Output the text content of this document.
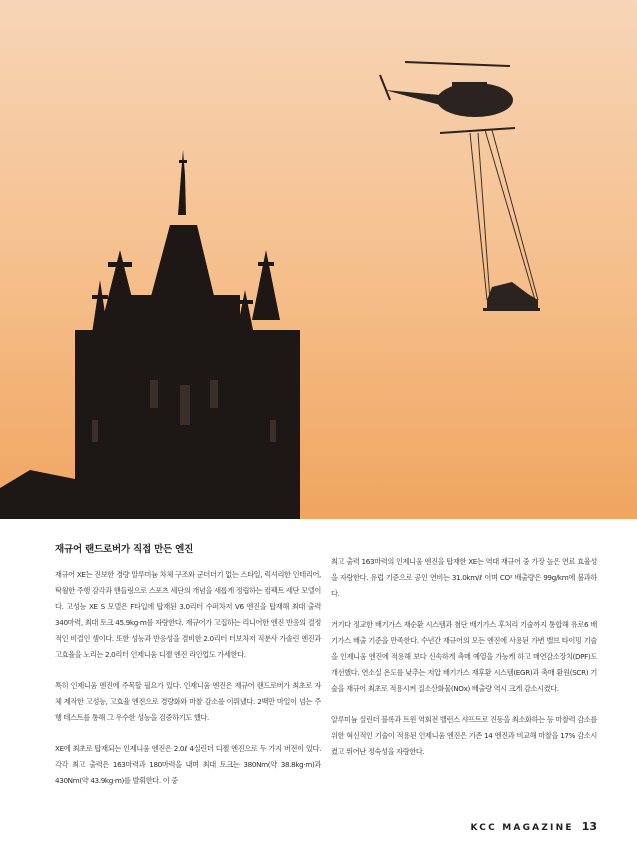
재규어 랜드로버가 직접 만든 엔진

재규어 XE는 진보한 경량 알루미늄 차체 구조와 군더더기 없는 스타일, 럭셔리한 인테리어, 탁월한 주행 감각과 핸들링으로 스포츠 세단의 개념을 새롭게 정립하는 컴팩트 세단 모델이다. 고성능 XE S 모델은 F타입에 탑재된 3.0리터 수퍼차저 V6 엔진을 탑재해 최대 출력 340마력, 최대 토크 45.9kg·m를 자랑한다. 재규어가 고집하는 리니어한 엔진 반응의 결정적인 비결인 셈이다. 또한 성능과 반응성을 겸비한 2.0리터 터보차저 직분사 가솔린 엔진과 고효율을 노리는 2.0리터 인제니움 디젤 엔진 라인업도 가세한다.

특히 인제니움 엔진에 주목할 필요가 있다. 인제니움 엔진은 재규어 랜드로버가 최초로 자체 제작한 고성능, 고효율 엔진으로 경량화와 마찰 감소를 이뤄냈다. 2백만 마일이 넘는 주행 테스트를 통해 그 우수한 성능을 검증하기도 했다.

XE에 최초로 탑재되는 인제니움 엔진은 2.0ℓ 4실린더 디젤 엔진으로 두 가지 버전이 있다. 각각 최고 출력은 163마력과 180마력을 내며 최대 토크는 380Nm(약 38.8kg·m)과 430Nm(약 43.9kg·m)를 발휘한다. 이 중

최고 출력 163마력의 인제니움 엔진을 탑재한 XE는 역대 재규어 중 가장 높은 연료 효율성을 자랑한다. 유럽 기준으로 공인 연비는 31.0km/ℓ 이며 CO² 배출량은 99g/km에 불과하다.

거기다 정교한 배기가스 재순환 시스템과 첨단 배기가스 후처리 기술까지 통합해 유로6 배기가스 배출 기준을 만족한다. 수년간 재규어의 모든 엔진에 사용된 가변 밸브 타이밍 기술을 인제니움 엔진에 적용해 보다 신속하게 촉매 예열을 가능케 하고 매연감소장치(DPF)도 개선했다. 연소실 온도를 낮추는 저압 배기가스 재후환 시스템(EGR)과 촉매 환원(SCR) 기술을 재규어 최초로 적용시켜 질소산화물(NOx) 배출량 역시 크게 감소시켰다.

알루미늄 실린더 블록과 트윈 역회전 밸런스 샤프트로 진동을 최소화하는 등 마찰력 감소를 위한 혁신적인 기술이 적용된 인제니움 엔진은 기존 14 엔진과 비교해 마찰을 17% 감소시켰고 뛰어난 정숙성을 자랑한다.

KCC MAGAZINE 13
